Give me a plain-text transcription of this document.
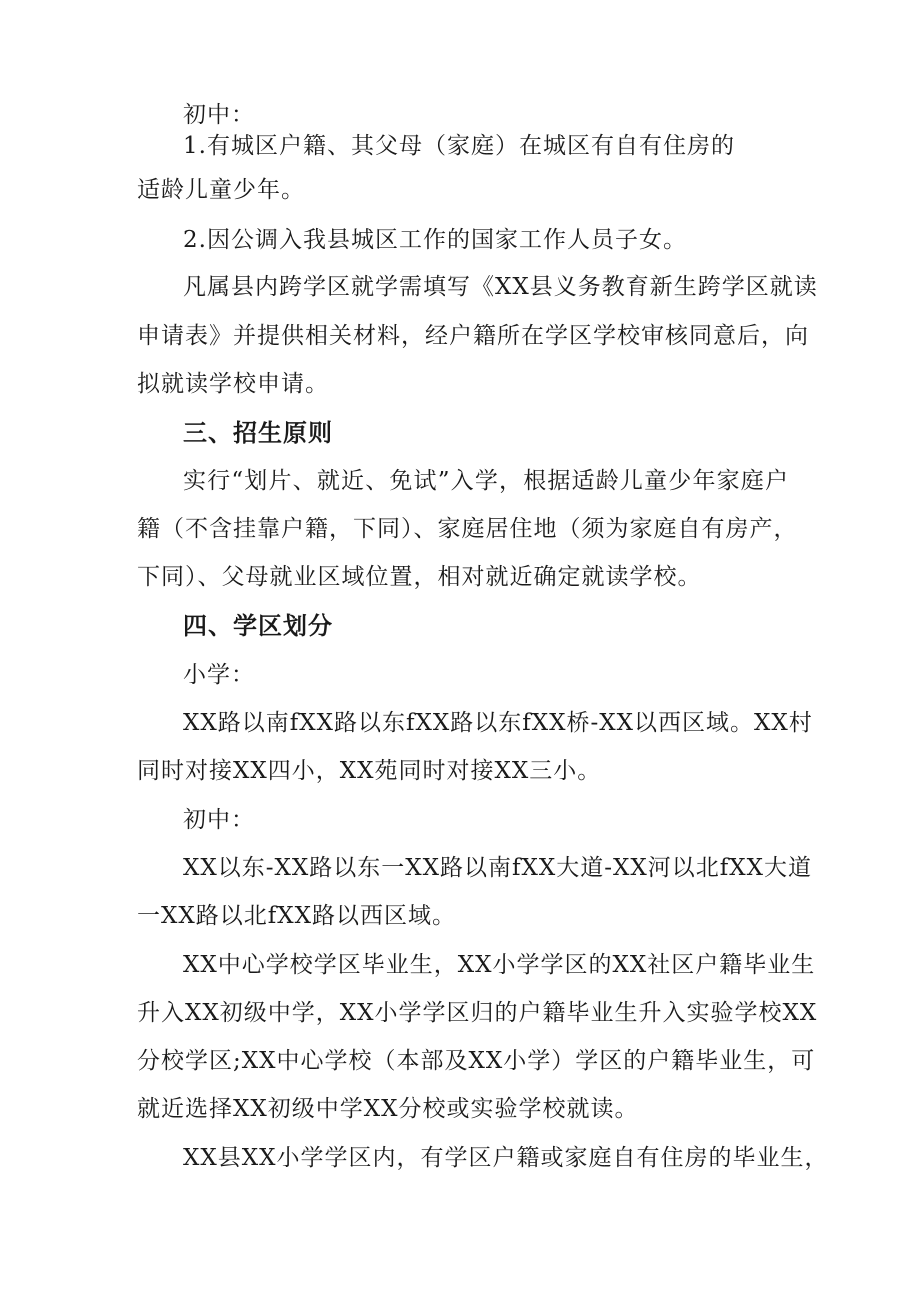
初中：
1.有城区户籍、其父母（家庭）在城区有自有住房的
适龄儿童少年。
2.因公调入我县城区工作的国家工作人员子女。
凡属县内跨学区就学需填写《XX县义务教育新生跨学区就读
申请表》并提供相关材料，经户籍所在学区学校审核同意后，向
拟就读学校申请。
三、招生原则
实行“划片、就近、免试”入学，根据适龄儿童少年家庭户
籍（不含挂靠户籍，下同）、家庭居住地（须为家庭自有房产，
下同）、父母就业区域位置，相对就近确定就读学校。
四、学区划分
小学：
XX路以南fXX路以东fXX路以东fXX桥-XX以西区域。XX村
同时对接XX四小，XX苑同时对接XX三小。
初中：
XX以东-XX路以东一XX路以南fXX大道-XX河以北fXX大道
一XX路以北fXX路以西区域。
XX中心学校学区毕业生，XX小学学区的XX社区户籍毕业生
升入XX初级中学，XX小学学区归的户籍毕业生升入实验学校XX
分校学区;XX中心学校（本部及XX小学）学区的户籍毕业生，可
就近选择XX初级中学XX分校或实验学校就读。
XX县XX小学学区内，有学区户籍或家庭自有住房的毕业生，
